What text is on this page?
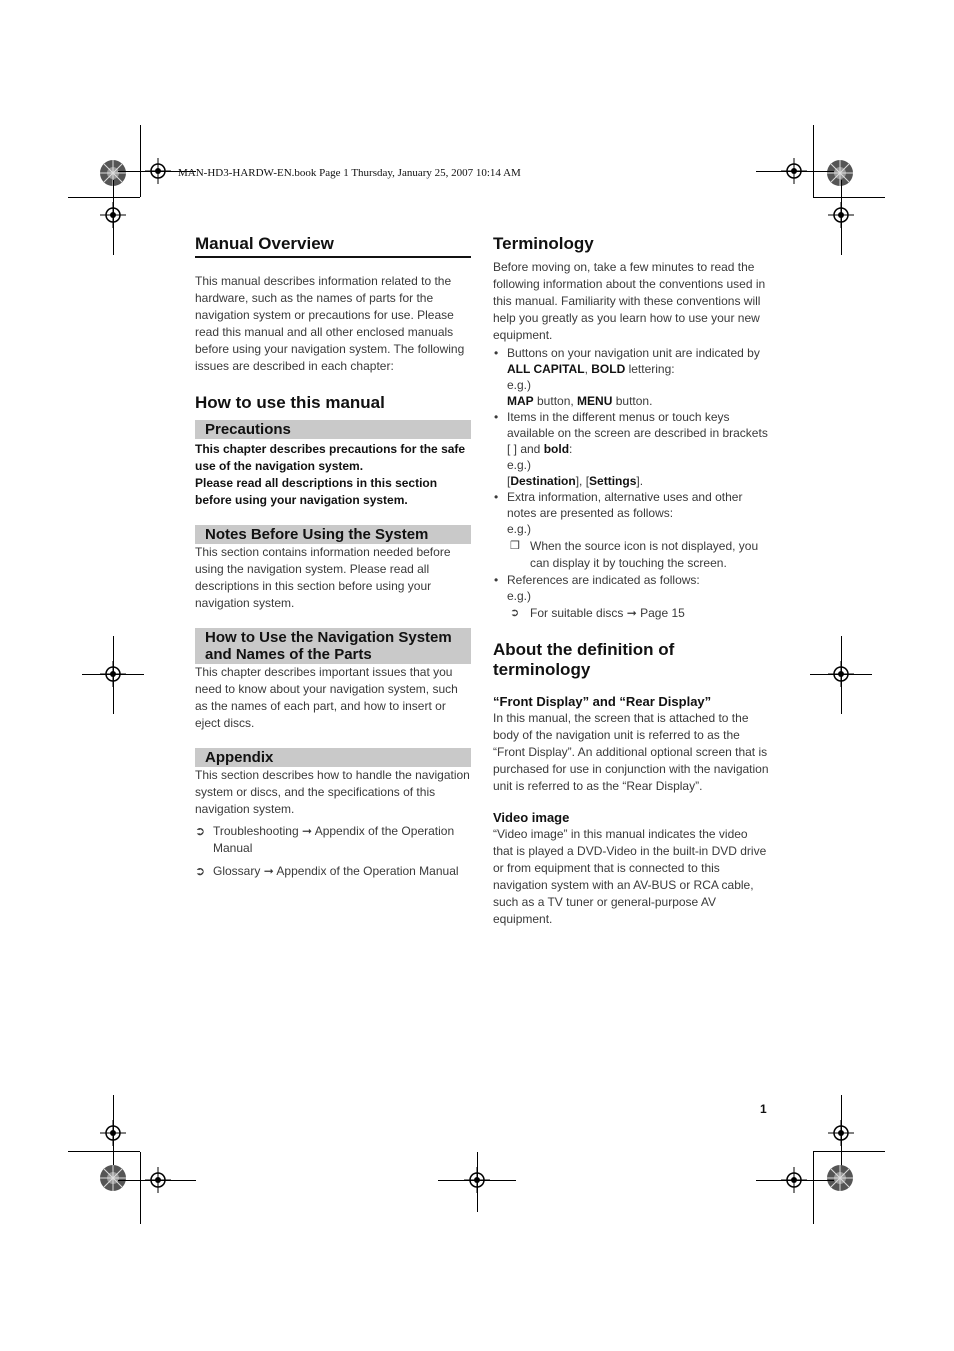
MAN-HD3-HARDW-EN.book Page 1 Thursday, January 25, 2007 10:14 AM
Manual Overview

This manual describes information related to the hardware, such as the names of parts for the navigation system or precautions for use. Please read this manual and all other enclosed manuals before using your navigation system. The following issues are described in each chapter:

How to use this manual
Precautions

This chapter describes precautions for the safe use of the navigation system.

Please read all descriptions in this section before using your navigation system.

Notes Before Using the System

This section contains information needed before using the navigation system. Please read all descriptions in this section before using your navigation system.

How to Use the Navigation System and Names of the Parts

This chapter describes important issues that you need to know about your navigation system, such as the names of each part, and how to insert or eject discs.

Appendix

This section describes how to handle the navigation system or discs, and the specifications of this navigation system.

➲ Troubleshooting ➞ Appendix of the Operation Manual
➲ Glossary ➞ Appendix of the Operation Manual
Terminology

Before moving on, take a few minutes to read the following information about the conventions used in this manual. Familiarity with these conventions will help you greatly as you learn how to use your new equipment.

• Buttons on your navigation unit are indicated by ALL CAPITAL, BOLD lettering:
e.g.)
MAP button, MENU button.
• Items in the different menus or touch keys available on the screen are described in brackets [ ] and bold:
e.g.)
[Destination], [Settings].
• Extra information, alternative uses and other notes are presented as follows:
e.g.)
❒ When the source icon is not displayed, you can display it by touching the screen.
• References are indicated as follows:
e.g.)
➲ For suitable discs ➞ Page 15
About the definition of terminology
“Front Display” and “Rear Display”

In this manual, the screen that is attached to the body of the navigation unit is referred to as the “Front Display”. An additional optional screen that is purchased for use in conjunction with the navigation unit is referred to as the “Rear Display”.

Video image

“Video image” in this manual indicates the video that is played a DVD-Video in the built-in DVD drive or from equipment that is connected to this navigation system with an AV-BUS or RCA cable, such as a TV tuner or general-purpose AV equipment.

1
